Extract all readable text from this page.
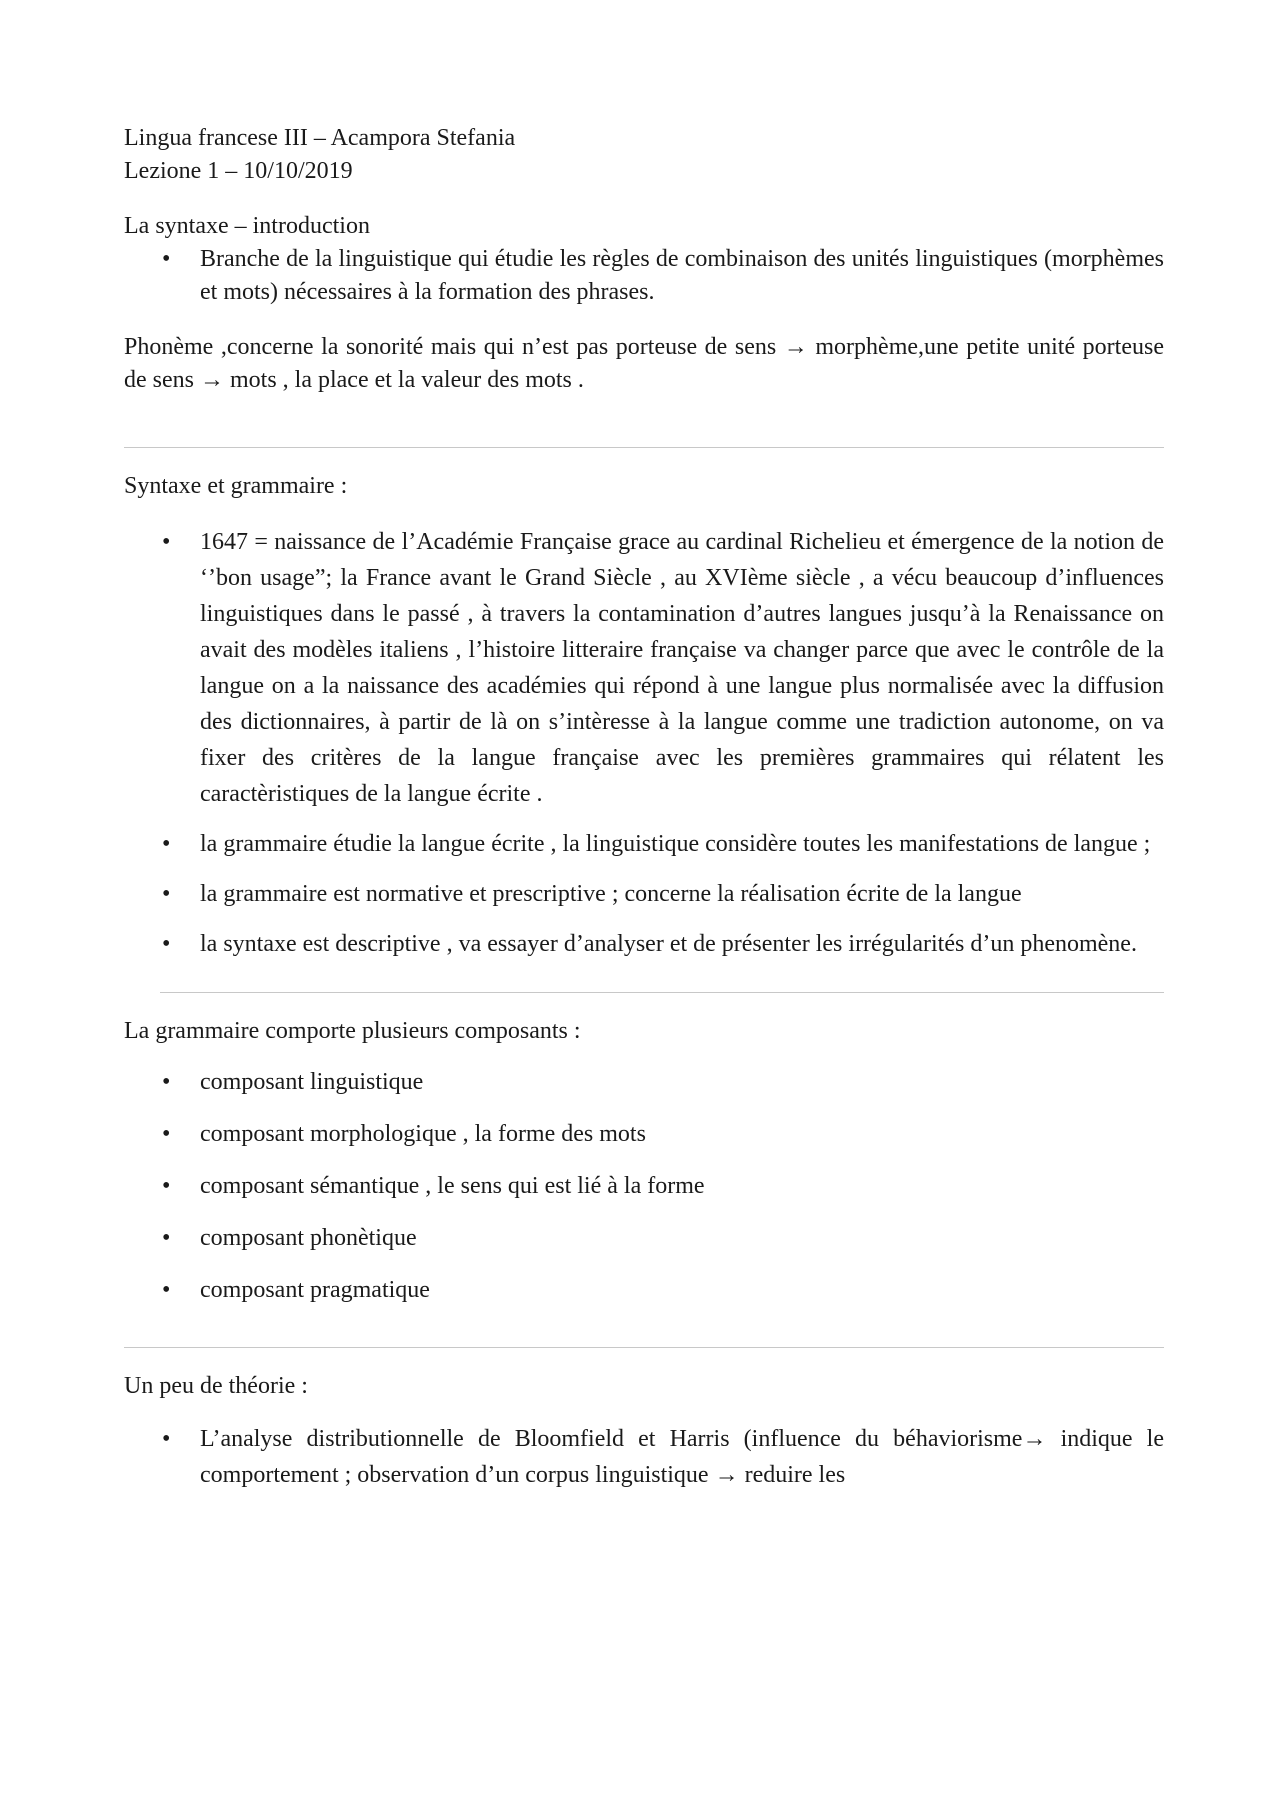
Lingua francese III – Acampora Stefania
Lezione 1 – 10/10/2019
La syntaxe – introduction
• Branche de la linguistique qui étudie les règles de combinaison des unités linguistiques (morphèmes et mots) nécessaires à la formation des phrases.

Phonème ,concerne la sonorité mais qui n’est pas porteuse de sens → morphème,une petite unité porteuse de sens → mots , la place et la valeur des mots .

Syntaxe et grammaire :
• 1647 = naissance de l’Académie Française grace au cardinal Richelieu et émergence de la notion de ‘’bon usage”; la France avant le Grand Siècle , au XVIème siècle , a vécu beaucoup d’influences linguistiques dans le passé , à travers la contamination d’autres langues jusqu’à la Renaissance on avait des modèles italiens , l’histoire litteraire française va changer parce que avec le contrôle de la langue on a la naissance des académies qui répond à une langue plus normalisée avec la diffusion des dictionnaires, à partir de là on s’intèresse à la langue comme une tradiction autonome, on va fixer des critères de la langue française avec les premières grammaires qui rélatent les caractèristiques de la langue écrite .
• la grammaire étudie la langue écrite , la linguistique considère toutes les manifestations de langue ;
• la grammaire est normative et prescriptive ; concerne la réalisation écrite de la langue
• la syntaxe est descriptive , va essayer d’analyser et de présenter les irrégularités d’un phenomène.
La grammaire comporte plusieurs composants :
• composant linguistique
• composant morphologique , la forme des mots
• composant sémantique , le sens qui est lié à la forme
• composant phonètique
• composant pragmatique
Un peu de théorie :
• L’analyse distributionnelle de Bloomfield et Harris (influence du béhaviorisme→ indique le comportement ; observation d’un corpus linguistique → reduire les
